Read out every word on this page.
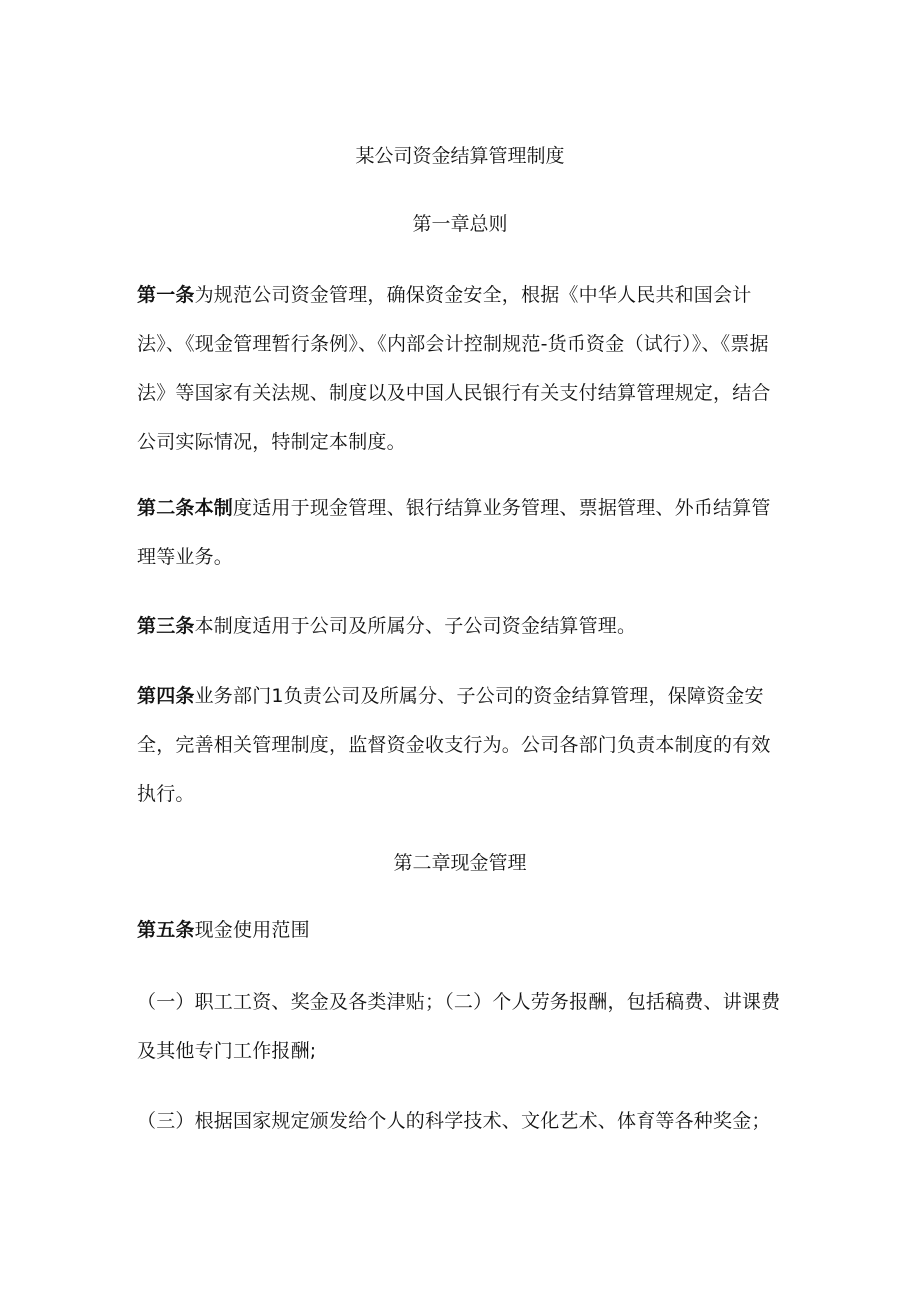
某公司资金结算管理制度
第一章总则
第一条为规范公司资金管理，确保资金安全，根据《中华人民共和国会计法》、《现金管理暂行条例》、《内部会计控制规范-货币资金（试行）》、《票据法》等国家有关法规、制度以及中国人民银行有关支付结算管理规定，结合公司实际情况，特制定本制度。
第二条本制度适用于现金管理、银行结算业务管理、票据管理、外币结算管理等业务。
第三条本制度适用于公司及所属分、子公司资金结算管理。
第四条业务部门1负责公司及所属分、子公司的资金结算管理，保障资金安全，完善相关管理制度，监督资金收支行为。公司各部门负责本制度的有效执行。
第二章现金管理
第五条现金使用范围
（一）职工工资、奖金及各类津贴；（二）个人劳务报酬，包括稿费、讲课费及其他专门工作报酬;
（三）根据国家规定颁发给个人的科学技术、文化艺术、体育等各种奖金；
